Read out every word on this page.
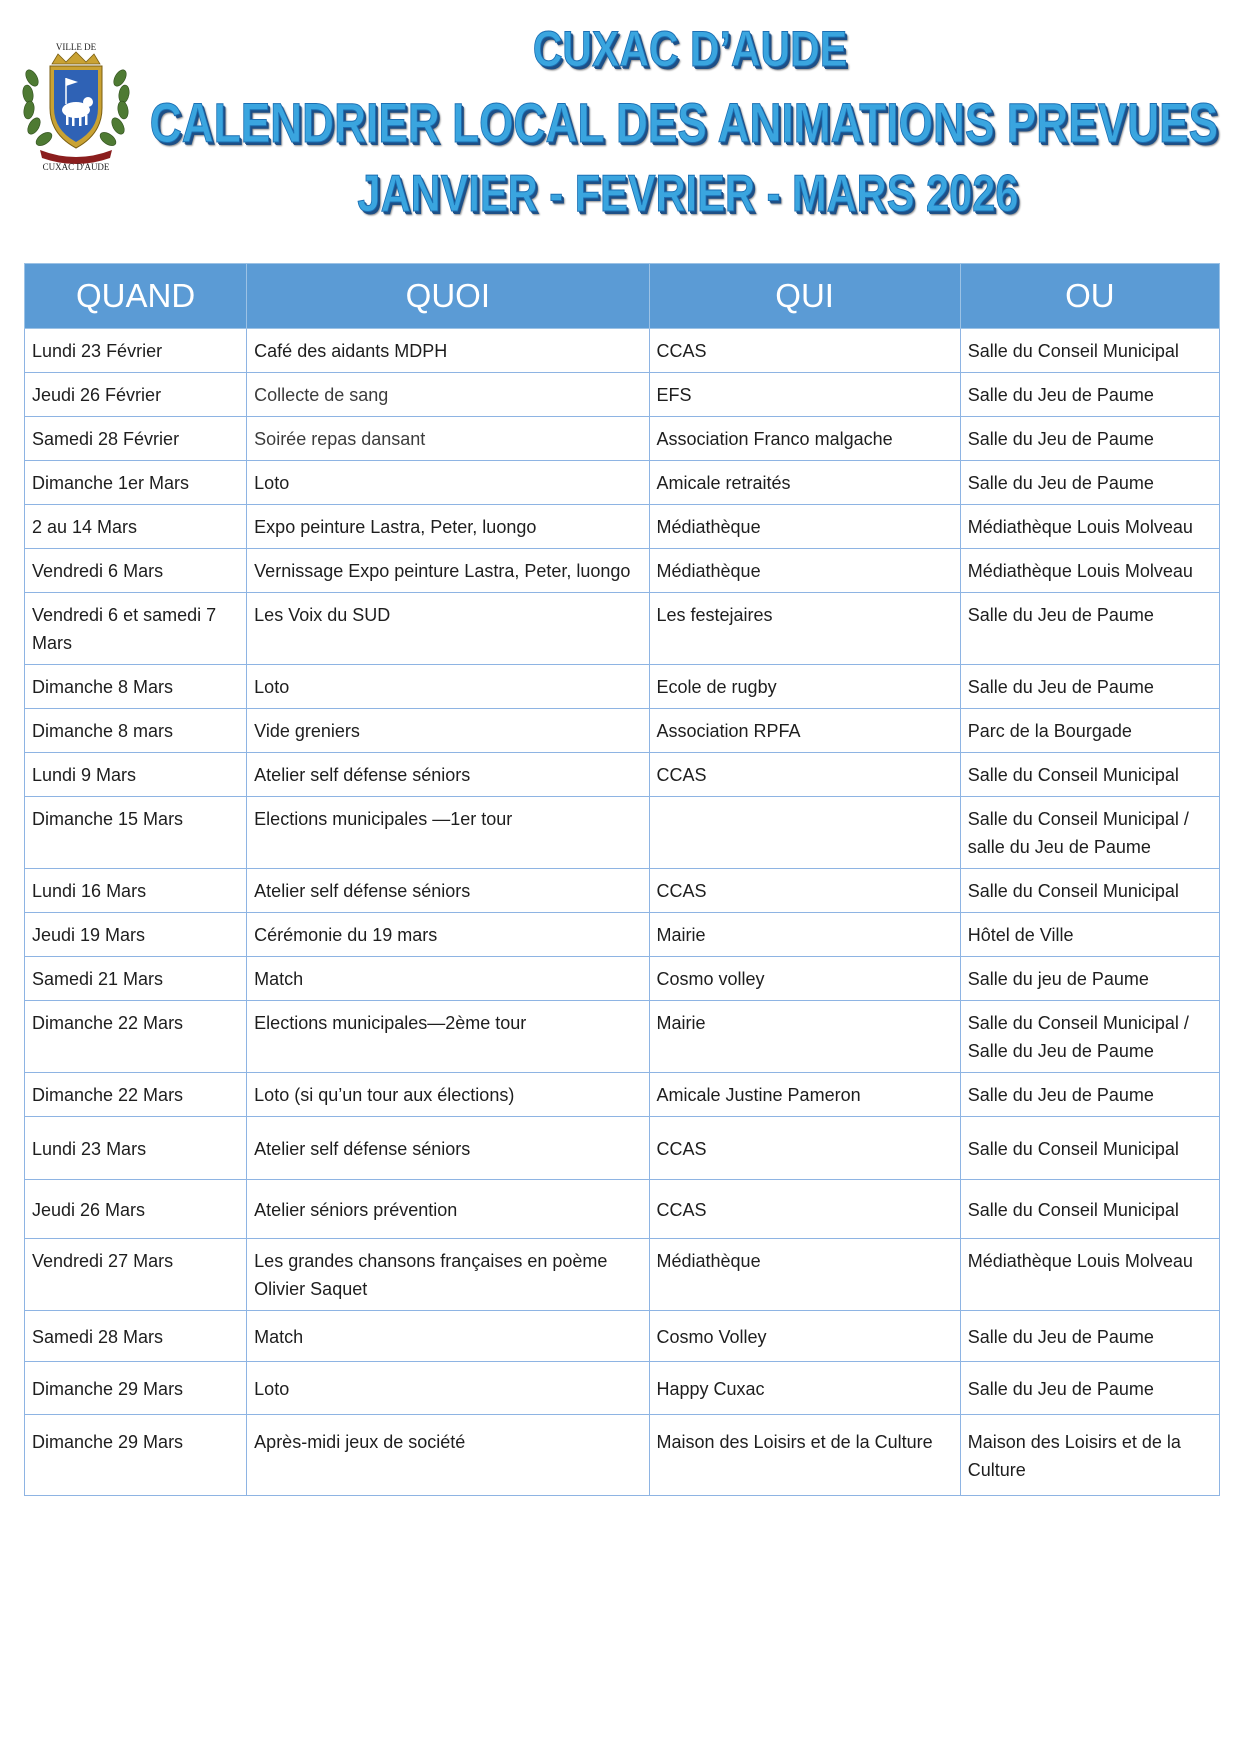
VILLE DE
CUXAC D'AUDE
CUXAC D’AUDE
CALENDRIER LOCAL DES ANIMATIONS PREVUES
JANVIER - FEVRIER - MARS 2026
QUAND	QUOI	QUI	OU
Lundi 23 Février	Café des aidants MDPH	CCAS	Salle du Conseil Municipal
Jeudi 26 Février	Collecte de sang	EFS	Salle du Jeu de Paume
Samedi 28 Février	Soirée repas dansant	Association Franco malgache	Salle du Jeu de Paume
Dimanche 1er Mars	Loto	Amicale retraités	Salle du Jeu de Paume
2 au 14 Mars	Expo peinture Lastra, Peter, luongo	Médiathèque	Médiathèque Louis Molveau
Vendredi 6 Mars	Vernissage Expo peinture Lastra, Peter, luongo	Médiathèque	Médiathèque Louis Molveau
Vendredi 6 et samedi 7 Mars	Les Voix du SUD	Les festejaires	Salle du Jeu de Paume
Dimanche 8 Mars	Loto	Ecole de rugby	Salle du Jeu de Paume
Dimanche 8 mars	Vide greniers	Association RPFA	Parc de la Bourgade
Lundi 9 Mars	Atelier self défense séniors	CCAS	Salle du Conseil Municipal
Dimanche 15 Mars	Elections municipales —1er tour		Salle du Conseil Municipal / salle du Jeu de Paume
Lundi 16 Mars	Atelier self défense séniors	CCAS	Salle du Conseil Municipal
Jeudi 19 Mars	Cérémonie du 19 mars	Mairie	Hôtel de Ville
Samedi 21 Mars	Match	Cosmo volley	Salle du jeu de Paume
Dimanche 22 Mars	Elections municipales—2ème tour	Mairie	Salle du Conseil Municipal / Salle du Jeu de Paume
Dimanche 22 Mars	Loto (si qu’un tour aux élections)	Amicale Justine Pameron	Salle du Jeu de Paume
Lundi 23 Mars	Atelier self défense séniors	CCAS	Salle du Conseil Municipal
Jeudi 26 Mars	Atelier séniors prévention	CCAS	Salle du Conseil Municipal
Vendredi 27 Mars	Les grandes chansons françaises en poème Olivier Saquet	Médiathèque	Médiathèque Louis Molveau
Samedi 28 Mars	Match	Cosmo Volley	Salle du Jeu de Paume
Dimanche 29 Mars	Loto	Happy Cuxac	Salle du Jeu de Paume
Dimanche 29 Mars	Après-midi jeux de société	Maison des Loisirs et de la Culture	Maison des Loisirs et de la Culture
